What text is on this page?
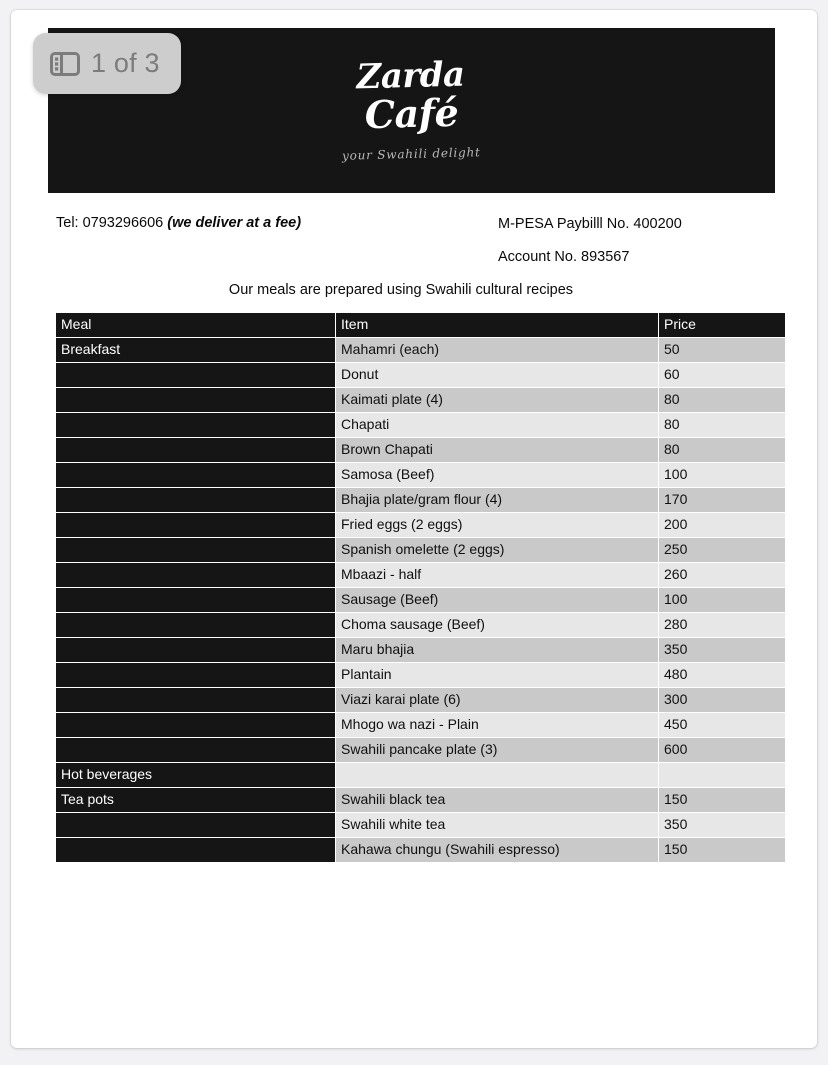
Zarda
Café
your Swahili delight
Tel: 0793296606 (we deliver at a fee)	M-PESA Paybilll No. 400200
Account No. 893567
Our meals are prepared using Swahili cultural recipes
Meal	Item	Price
Breakfast	Mahamri (each)	50
	Donut	60
	Kaimati plate (4)	80
	Chapati	80
	Brown Chapati	80
	Samosa (Beef)	100
	Bhajia plate/gram flour (4)	170
	Fried eggs (2 eggs)	200
	Spanish omelette (2 eggs)	250
	Mbaazi - half	260
	Sausage (Beef)	100
	Choma sausage (Beef)	280
	Maru bhajia	350
	Plantain	480
	Viazi karai plate (6)	300
	Mhogo wa nazi - Plain	450
	Swahili pancake plate (3)	600
Hot beverages		
Tea pots	Swahili black tea	150
	Swahili white tea	350
	Kahawa chungu (Swahili espresso)	150
1 of 3
